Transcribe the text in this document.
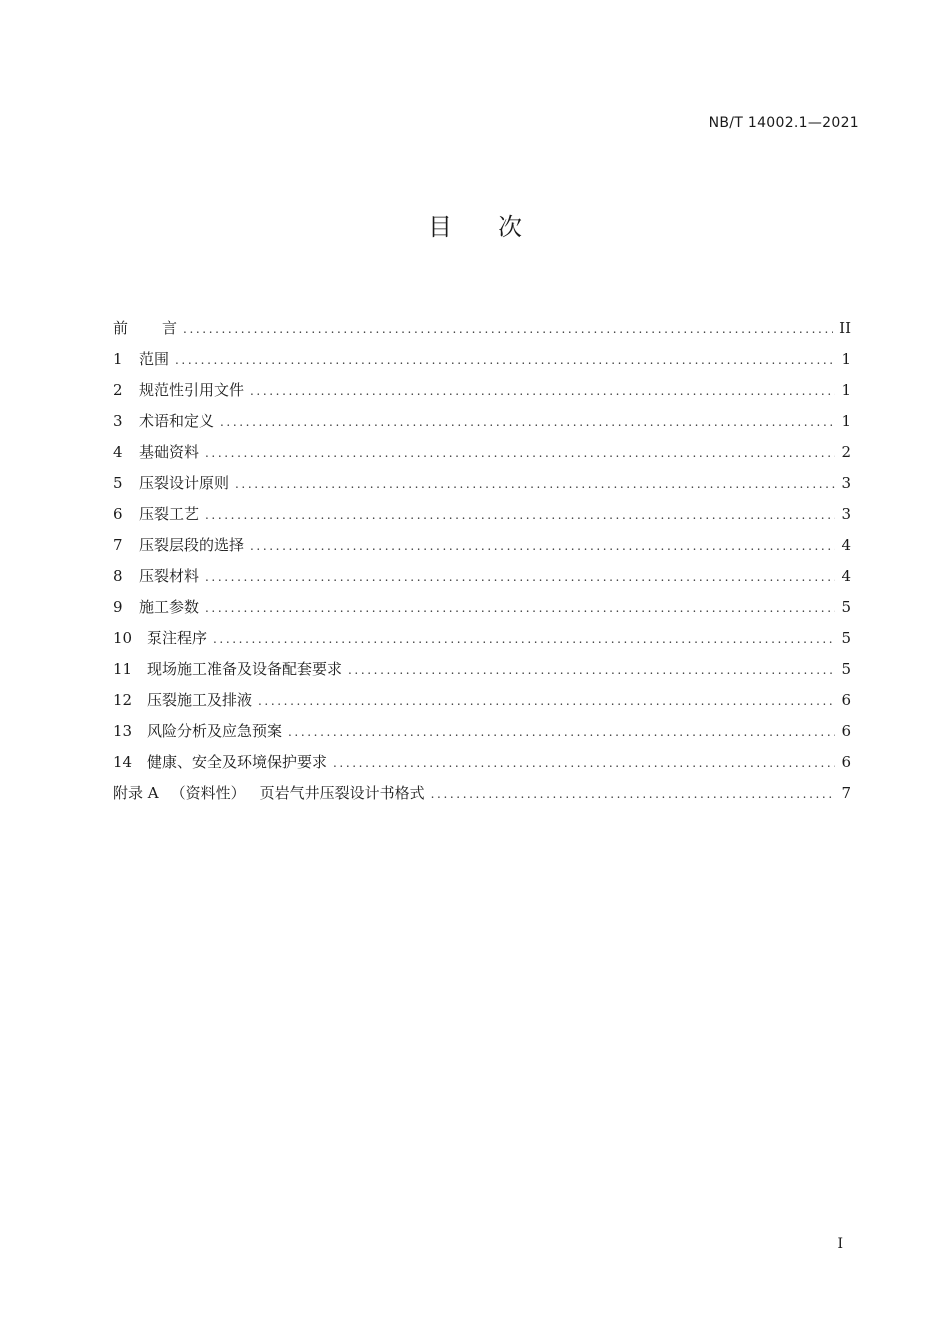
NB/T 14002.1—2021
目 次
前 言 .....	II
1	范围 .....	1
2	规范性引用文件 .....	1
3	术语和定义 .....	1
4	基础资料 .....	2
5	压裂设计原则 .....	3
6	压裂工艺 .....	3
7	压裂层段的选择 .....	4
8	压裂材料 .....	4
9	施工参数 .....	5
10 泵注程序 .....	5
11 现场施工准备及设备配套要求 .....	5
12 压裂施工及排液 .....	6
13 风险分析及应急预案 .....	6
14 健康、安全及环境保护要求 .....	6
附录 A （资料性） 页岩气井压裂设计书格式 .....	7
I
